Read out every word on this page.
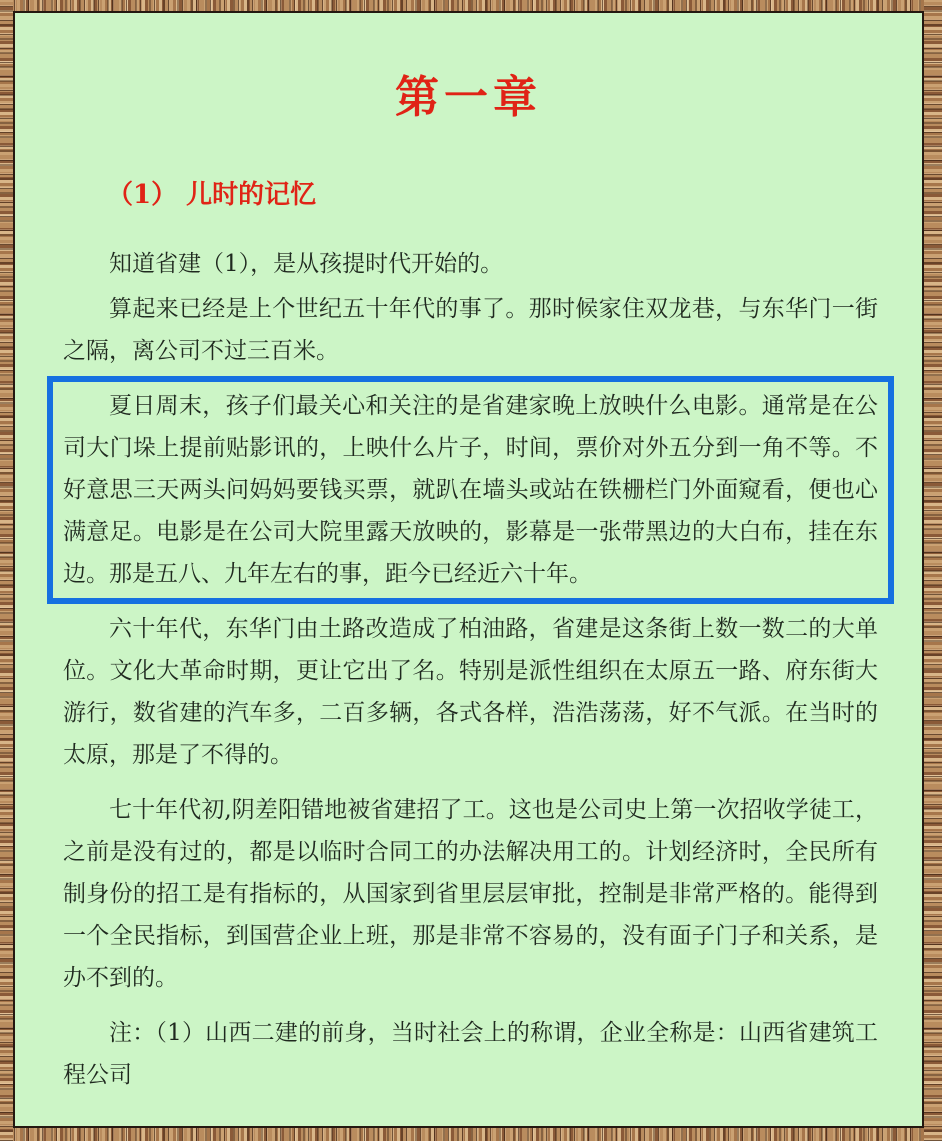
第一章
（1） 儿时的记忆

知道省建（1），是从孩提时代开始的。

算起来已经是上个世纪五十年代的事了。那时候家住双龙巷，与东华门一街之隔，离公司不过三百米。

夏日周末，孩子们最关心和关注的是省建家晚上放映什么电影。通常是在公司大门垛上提前贴影讯的，上映什么片子，时间，票价对外五分到一角不等。不好意思三天两头问妈妈要钱买票，就趴在墙头或站在铁栅栏门外面窥看，便也心满意足。电影是在公司大院里露天放映的，影幕是一张带黑边的大白布，挂在东边。那是五八、九年左右的事，距今已经近六十年。

六十年代，东华门由土路改造成了柏油路，省建是这条街上数一数二的大单位。文化大革命时期，更让它出了名。特别是派性组织在太原五一路、府东街大游行，数省建的汽车多，二百多辆，各式各样，浩浩荡荡，好不气派。在当时的太原，那是了不得的。

七十年代初,阴差阳错地被省建招了工。这也是公司史上第一次招收学徒工，之前是没有过的，都是以临时合同工的办法解决用工的。计划经济时，全民所有制身份的招工是有指标的，从国家到省里层层审批，控制是非常严格的。能得到一个全民指标，到国营企业上班，那是非常不容易的，没有面子门子和关系，是办不到的。

注：（1）山西二建的前身，当时社会上的称谓，企业全称是：山西省建筑工程公司
